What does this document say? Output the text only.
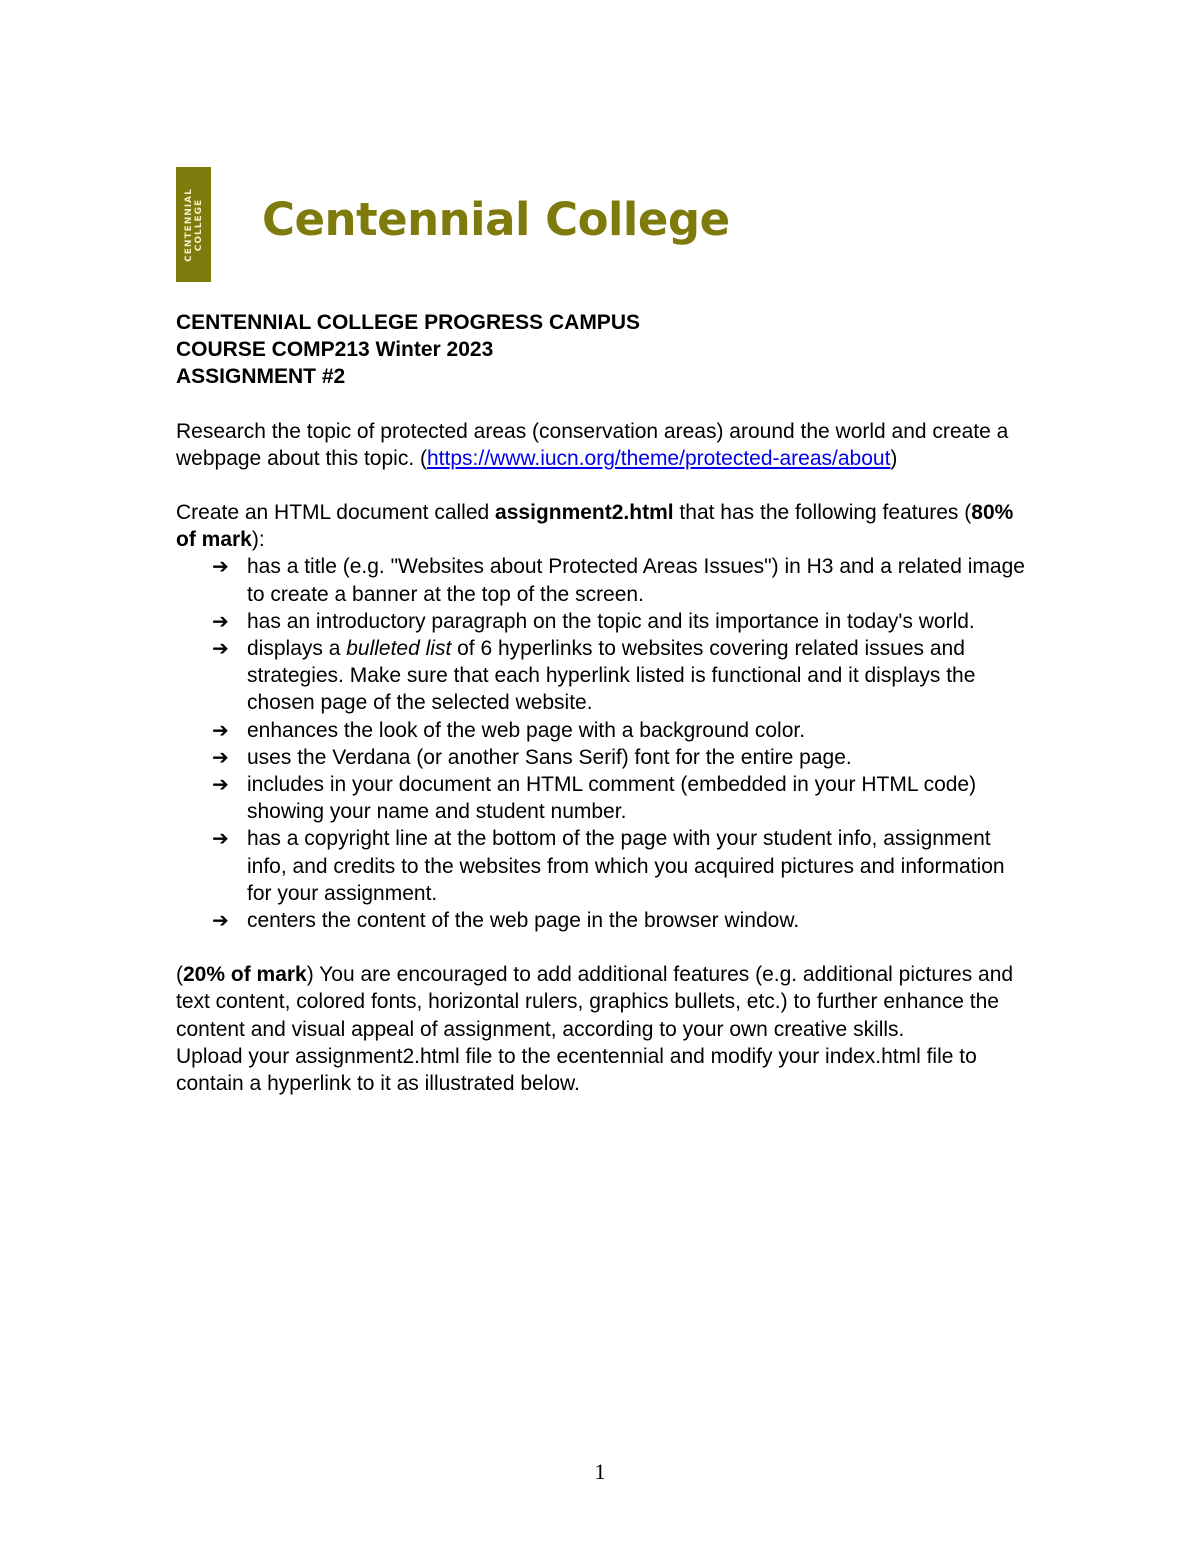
CENTENNIAL COLLEGE Centennial College

CENTENNIAL COLLEGE PROGRESS CAMPUS

COURSE COMP213 Winter 2023

ASSIGNMENT #2

Research the topic of protected areas (conservation areas) around the world and create a webpage about this topic. (https://www.iucn.org/theme/protected-areas/about)

Create an HTML document called assignment2.html that has the following features (80% of mark):

➔ has a title (e.g. "Websites about Protected Areas Issues") in H3 and a related image to create a banner at the top of the screen.
➔ has an introductory paragraph on the topic and its importance in today's world.
➔ displays a bulleted list of 6 hyperlinks to websites covering related issues and strategies. Make sure that each hyperlink listed is functional and it displays the chosen page of the selected website.
➔ enhances the look of the web page with a background color.
➔ uses the Verdana (or another Sans Serif) font for the entire page.
➔ includes in your document an HTML comment (embedded in your HTML code) showing your name and student number.
➔ has a copyright line at the bottom of the page with your student info, assignment info, and credits to the websites from which you acquired pictures and information for your assignment.
➔ centers the content of the web page in the browser window.

(20% of mark) You are encouraged to add additional features (e.g. additional pictures and text content, colored fonts, horizontal rulers, graphics bullets, etc.) to further enhance the content and visual appeal of assignment, according to your own creative skills.

Upload your assignment2.html file to the ecentennial and modify your index.html file to contain a hyperlink to it as illustrated below.

1
